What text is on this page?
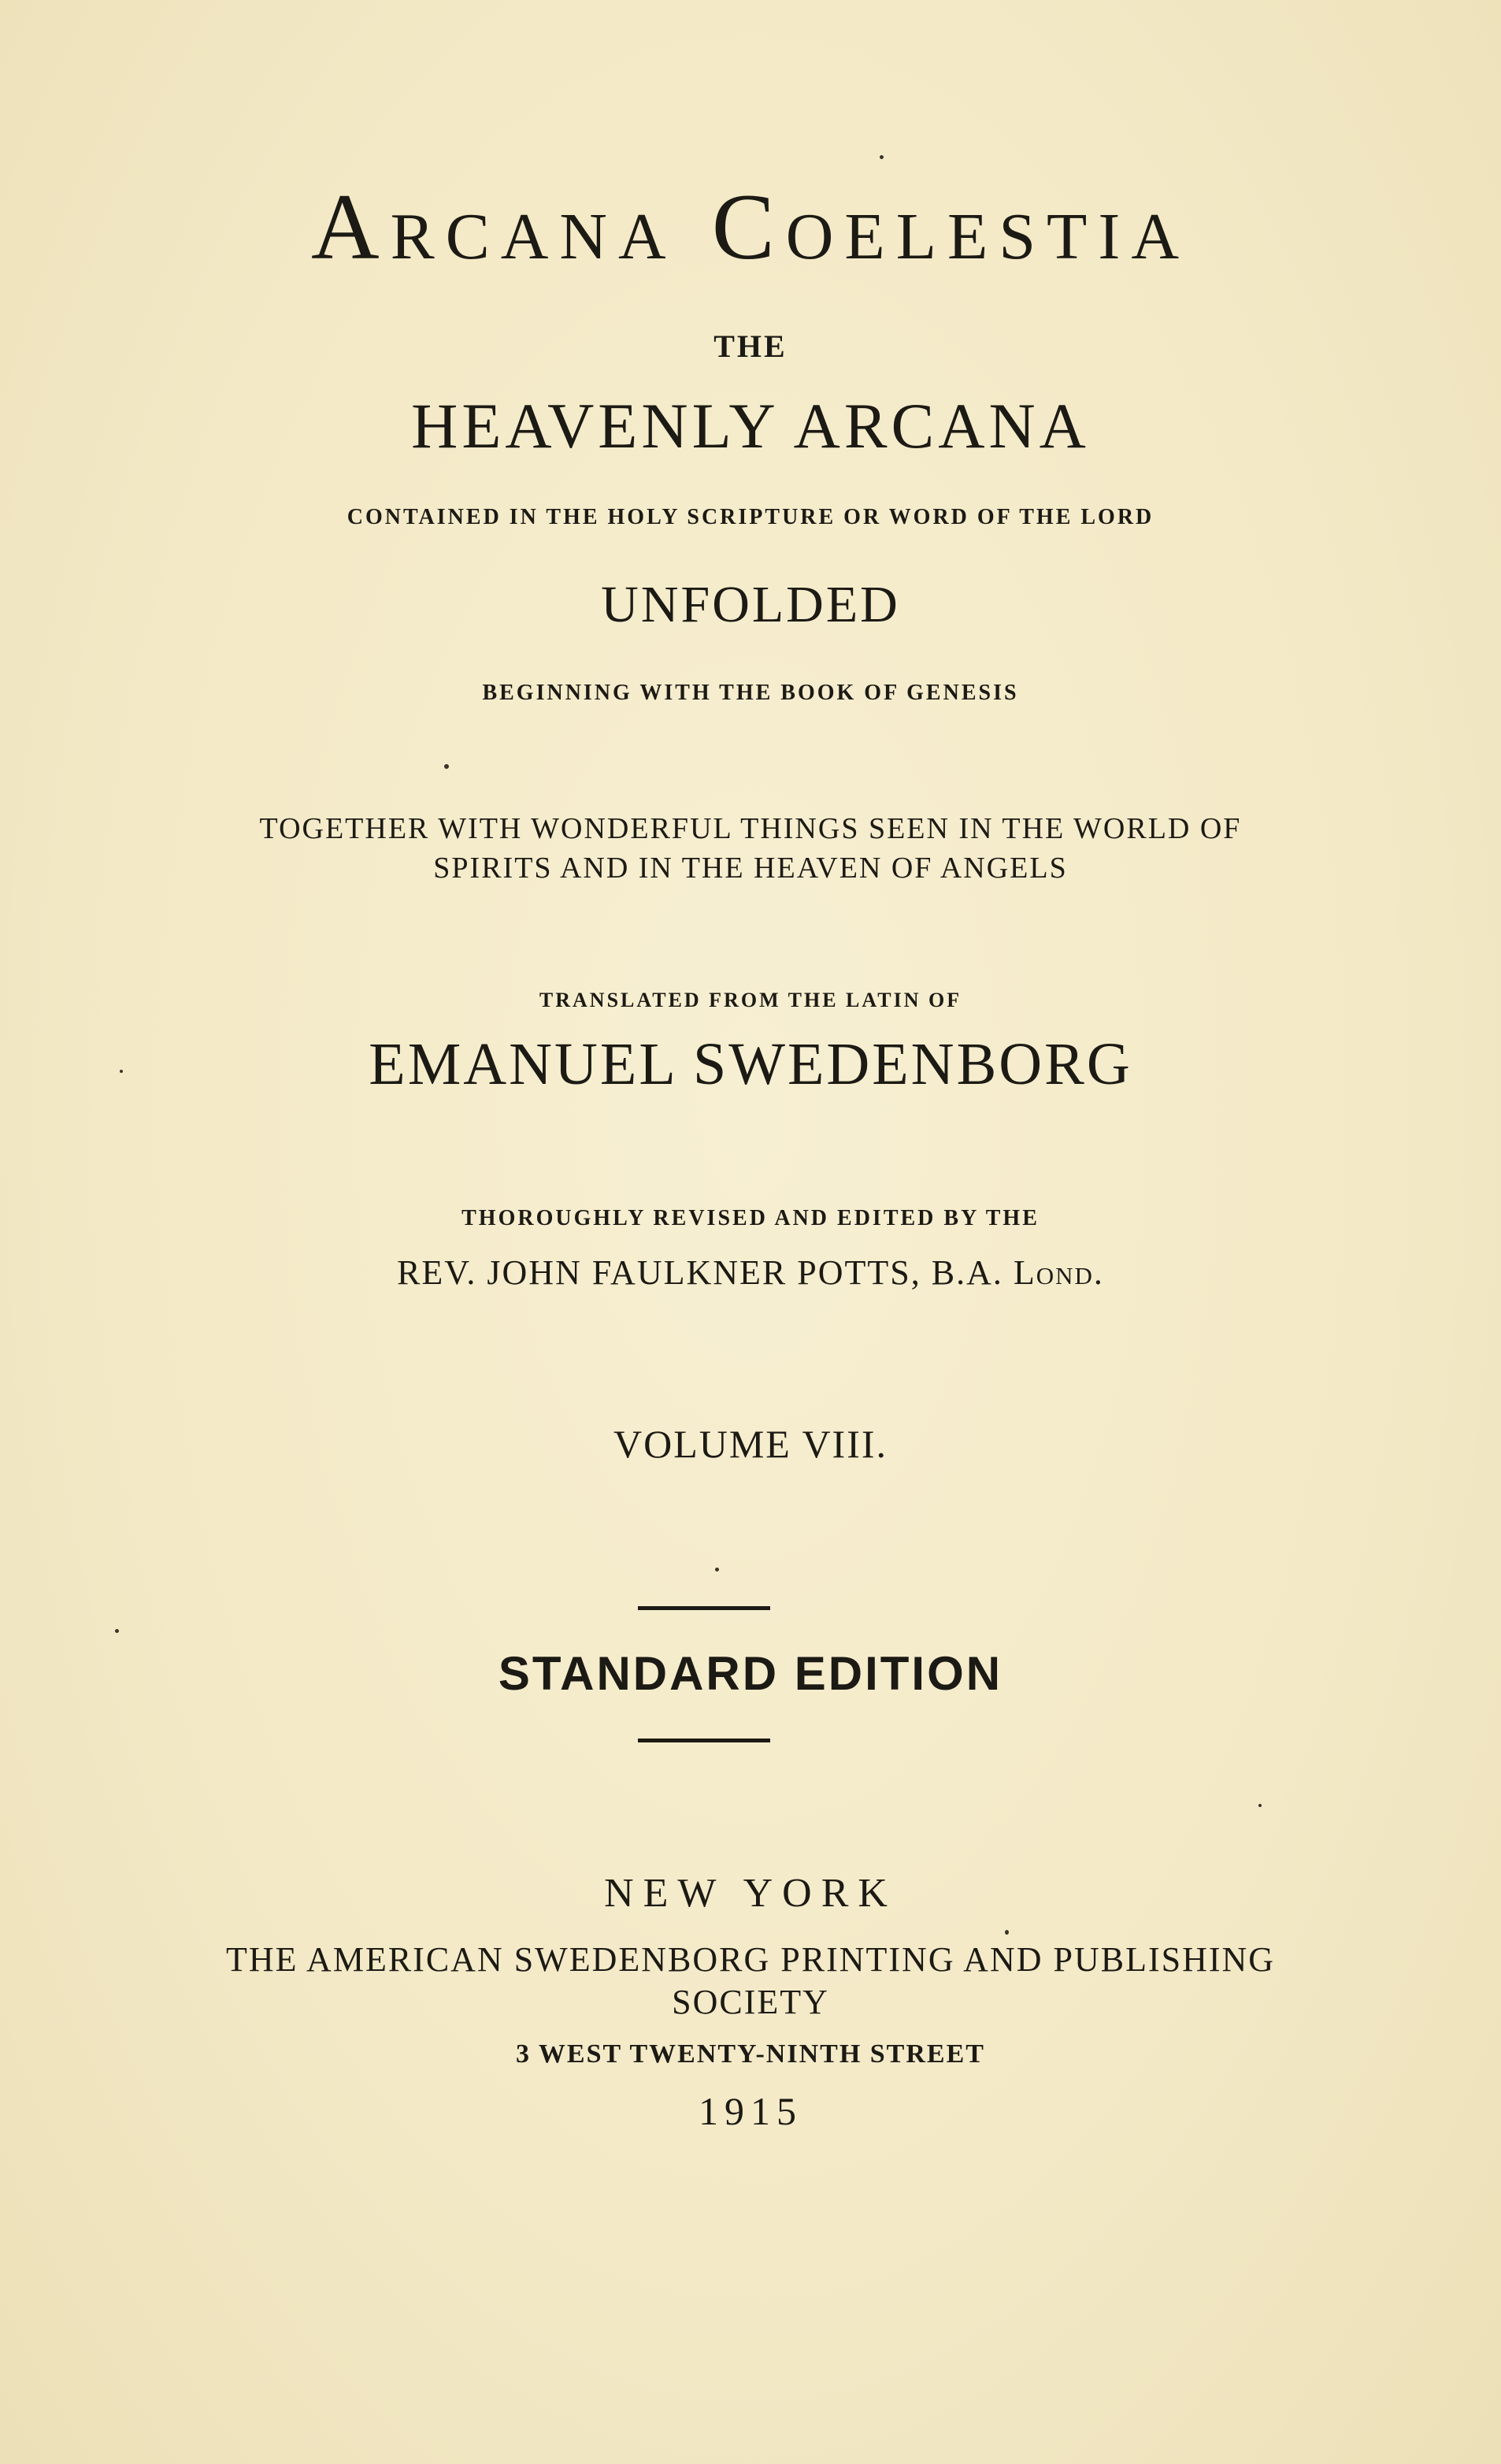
Arcana Coelestia
THE
HEAVENLY ARCANA
CONTAINED IN THE HOLY SCRIPTURE OR WORD OF THE LORD
UNFOLDED
BEGINNING WITH THE BOOK OF GENESIS
TOGETHER WITH WONDERFUL THINGS SEEN IN THE WORLD OF
SPIRITS AND IN THE HEAVEN OF ANGELS
TRANSLATED FROM THE LATIN OF
EMANUEL SWEDENBORG
THOROUGHLY REVISED AND EDITED BY THE
REV. JOHN FAULKNER POTTS, B.A. Lond.
VOLUME VIII.
STANDARD EDITION
NEW YORK
THE AMERICAN SWEDENBORG PRINTING AND PUBLISHING
SOCIETY
3 WEST TWENTY-NINTH STREET
1915
